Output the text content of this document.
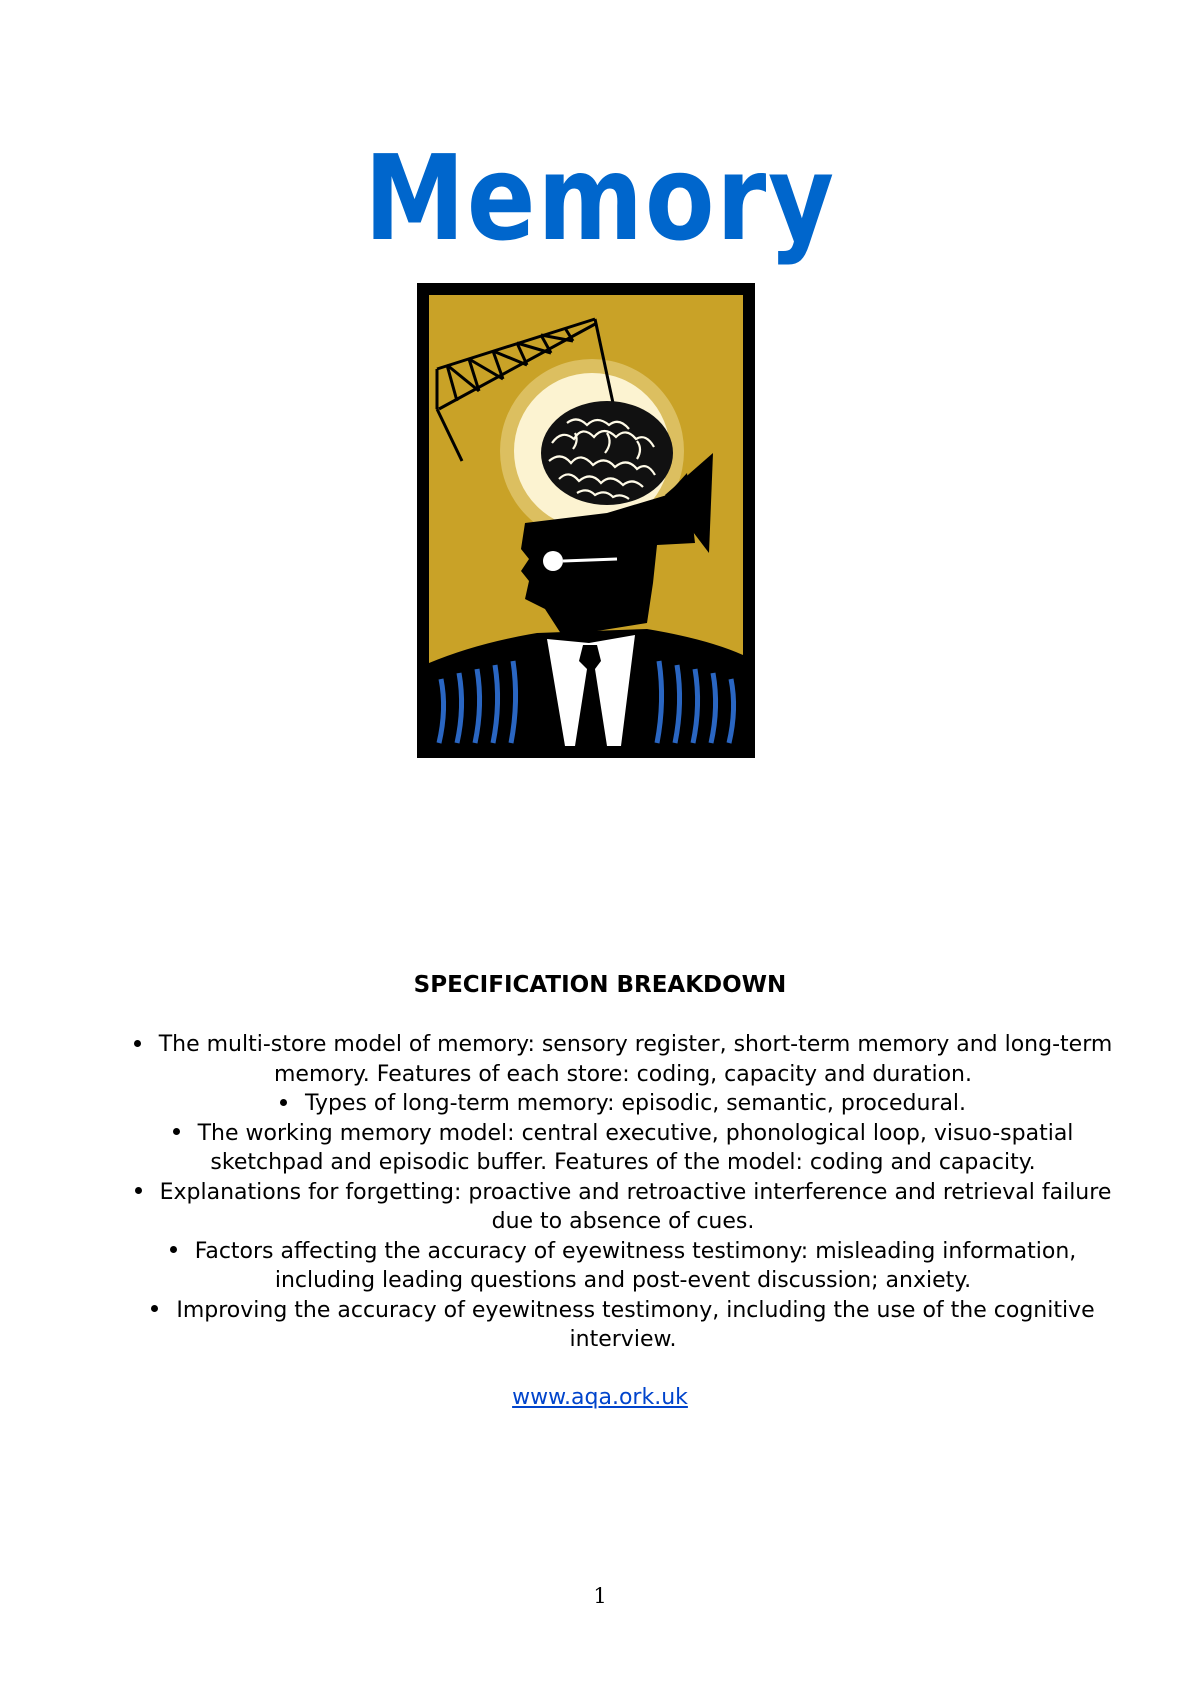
Memory
SPECIFICATION BREAKDOWN
The multi-store model of memory: sensory register, short-term memory and long-term memory. Features of each store: coding, capacity and duration.
Types of long-term memory: episodic, semantic, procedural.
The working memory model: central executive, phonological loop, visuo-spatial sketchpad and episodic buffer. Features of the model: coding and capacity.
Explanations for forgetting: proactive and retroactive interference and retrieval failure due to absence of cues.
Factors affecting the accuracy of eyewitness testimony: misleading information, including leading questions and post-event discussion; anxiety.
Improving the accuracy of eyewitness testimony, including the use of the cognitive interview.
www.aqa.ork.uk
1
